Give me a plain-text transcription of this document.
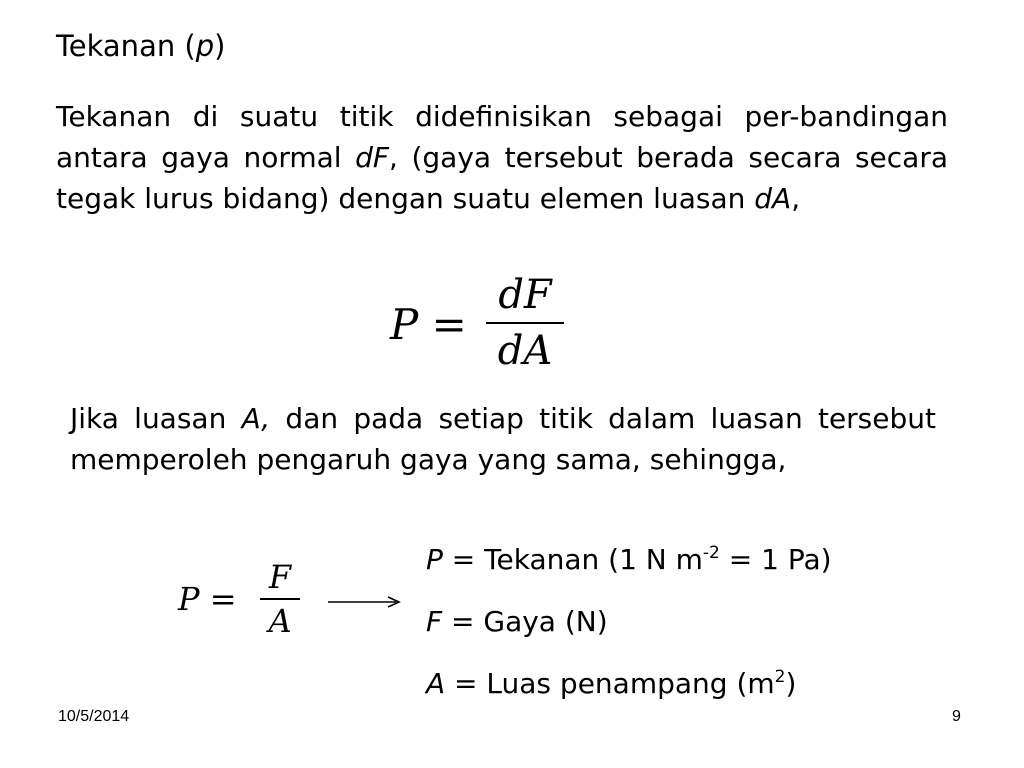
Tekanan (p)

Tekanan di suatu titik didefinisikan sebagai per-bandingan antara gaya normal dF, (gaya tersebut berada secara secara tegak lurus bidang) dengan suatu elemen luasan dA,

P =
dF
dA

Jika luasan A, dan pada setiap titik dalam luasan tersebut memperoleh pengaruh gaya yang sama, sehingga,

P =
F
A
P = Tekanan (1 N $m^{-2} = 1$ Pa)
F = Gaya (N)
A = Luas penampang $(m^2)$
10/5/2014	9
